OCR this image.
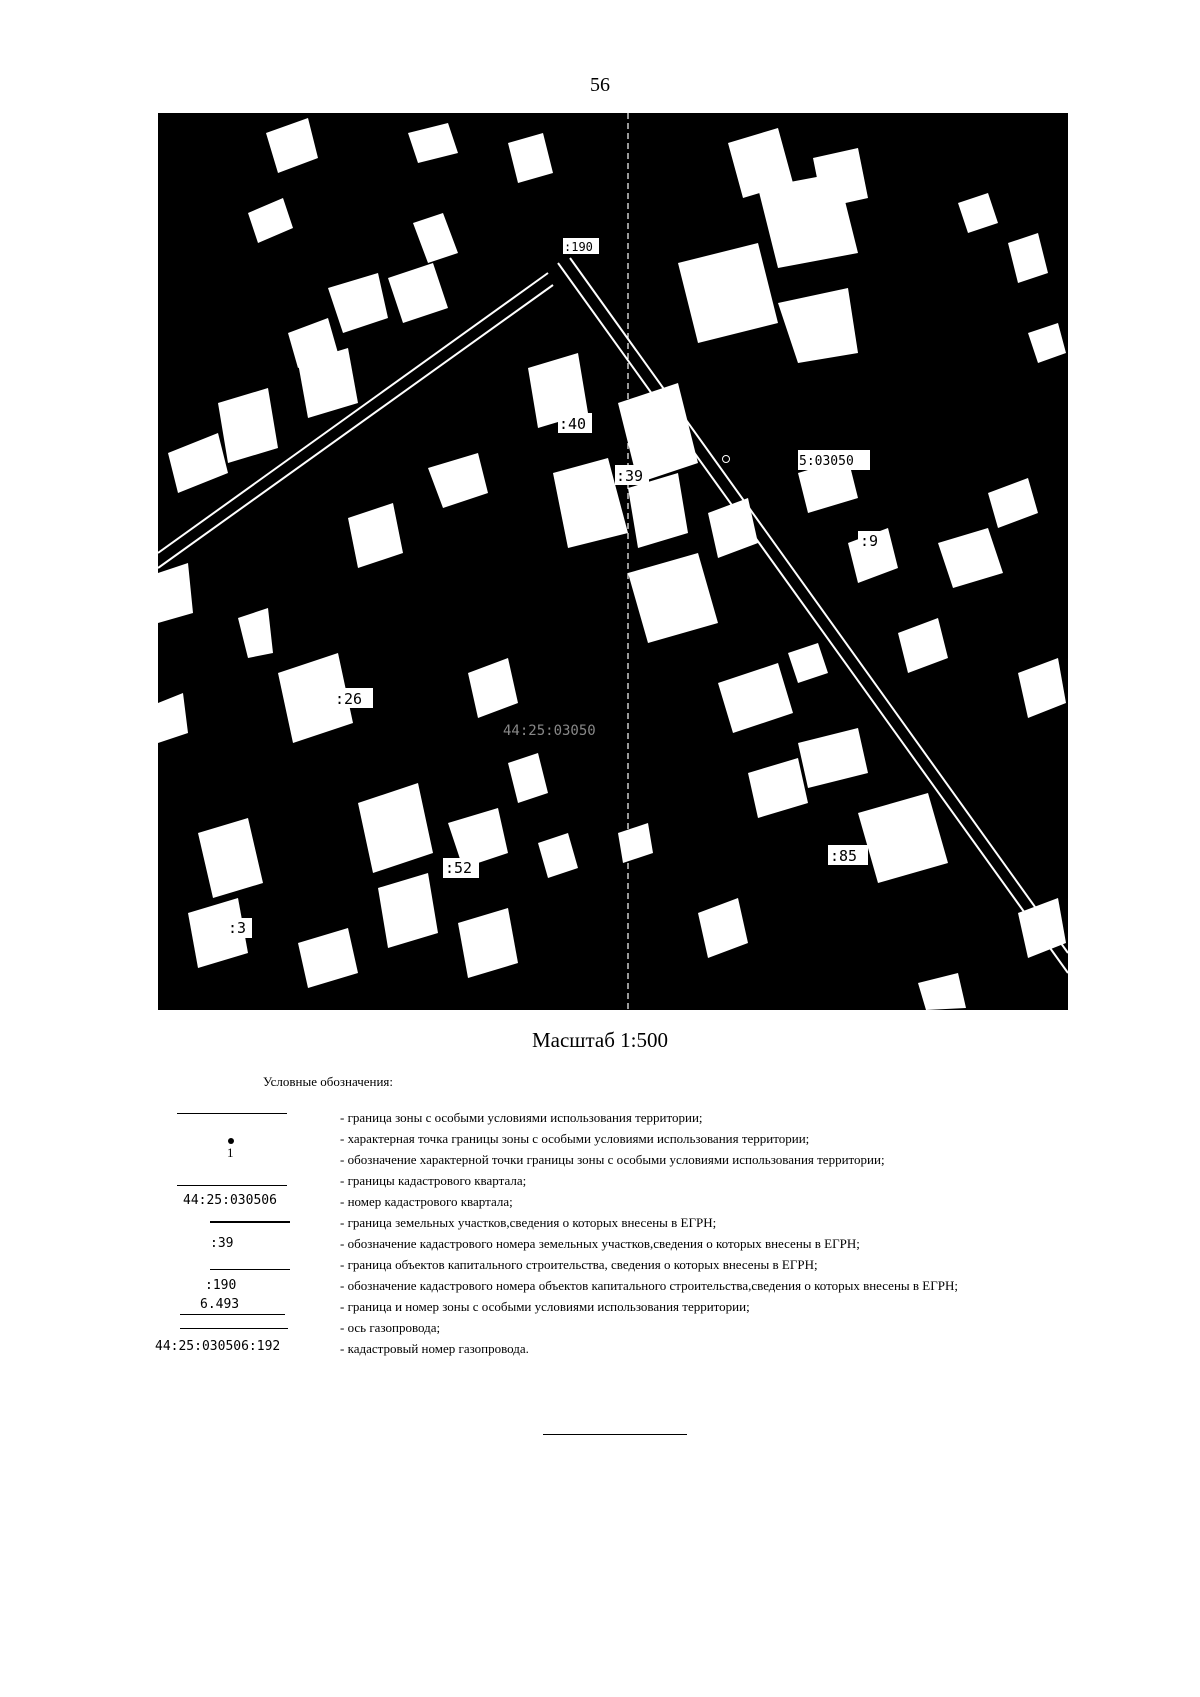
56
:190
:40
:39
5:03050
:26
:52
:3
:85
:9
44:25:03050
Масштаб 1:500
Условные обозначения:
- граница зоны с особыми условиями использования территории;
- характерная точка границы зоны с особыми условиями использования территории;
1	- обозначение характерной точки границы зоны с особыми условиями использования территории;
- границы кадастрового квартала;
44:25:030506	- номер кадастрового квартала;
- граница земельных участков,сведения о которых внесены в ЕГРН;
:39	- обозначение кадастрового номера земельных участков,сведения о которых внесены в ЕГРН;
- граница объектов капитального строительства, сведения о которых внесены в ЕГРН;
:190	- обозначение кадастрового номера объектов капитального строительства,сведения о которых внесены в ЕГРН;
6.493	- граница и номер зоны с особыми условиями использования территории;
- ось газопровода;
44:25:030506:192	- кадастровый номер газопровода.
